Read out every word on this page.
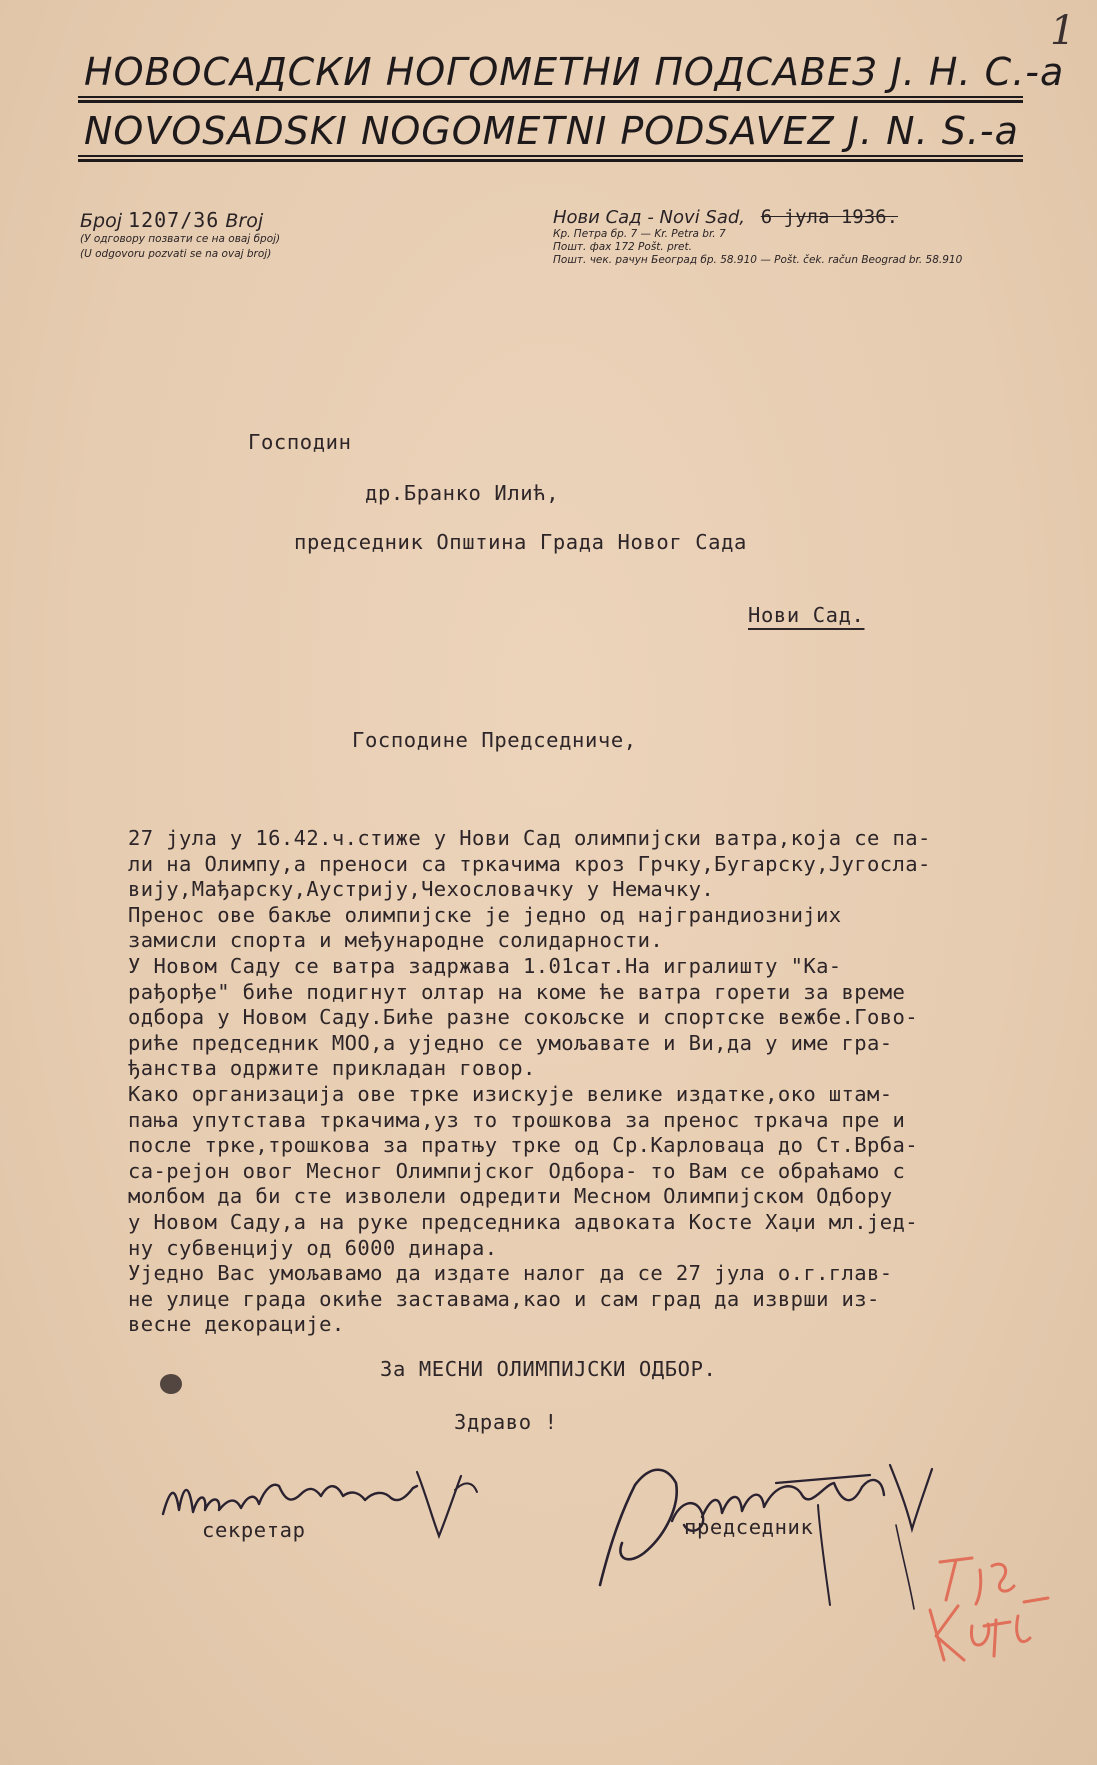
1
НОВОСАДСКИ НОГОМЕТНИ ПОДСАВЕЗ J. Н. С.-а
NOVOSADSKI NOGOMETNI PODSAVEZ J. N. S.-a
Број 1207/36 Broj
(У одговору позвати се на овај број)
(U odgovoru pozvati se na ovaj broj)
Нови Сад - Novi Sad, 6 јула 1936.
Кр. Петра бр. 7 — Kr. Petra br. 7
Пошт. фах 172 Pošt. pret.
Пошт. чек. рачун Београд бр. 58.910 — Pošt. ček. račun Beograd br. 58.910
Господин
др.Бранко Илић,
председник Општина Града Новог Сада
Нови Сад.
Господине Председниче,
27 јула у 16.42.ч.стиже у Нови Сад олимпијски ватра,која се па-
ли на Олимпу,а преноси са тркачима кроз Грчку,Бугарску,Југосла-
вију,Мађарску,Аустрију,Чехословачку у Немачку.
Пренос ове бакље олимпијске је једно од најграндиознијих
замисли спорта и међународне солидарности.
У Новом Саду се ватра задржава 1.01сат.На игралишту "Ка-
рађорђе" биће подигнут олтар на коме ће ватра горети за време
одбора у Новом Саду.Биће разне сокољске и спортске вежбе.Гово-
риће председник МОО,а уједно се умољавате и Ви,да у име гра-
ђанства одржите прикладан говор.
Како организација ове трке изискује велике издатке,око штам-
пања упутстава тркачима,уз то трошкова за пренос тркача пре и
после трке,трошкова за пратњу трке од Ср.Карловаца до Ст.Врба-
са-рејон овог Месног Олимпијског Одбора- то Вам се обраћамо с
молбом да би сте изволели одредити Месном Олимпијском Одбору
у Новом Саду,а на руке председника адвоката Косте Хаџи мл.јед-
ну субвенцију од 6000 динара.
Уједно Вас умољавамо да издате налог да се 27 јула о.г.глав-
не улице града окиће заставама,као и сам град да изврши из-
весне декорације.
За МЕСНИ ОЛИМПИЈСКИ ОДБОР.
Здраво !
секретар	председник
